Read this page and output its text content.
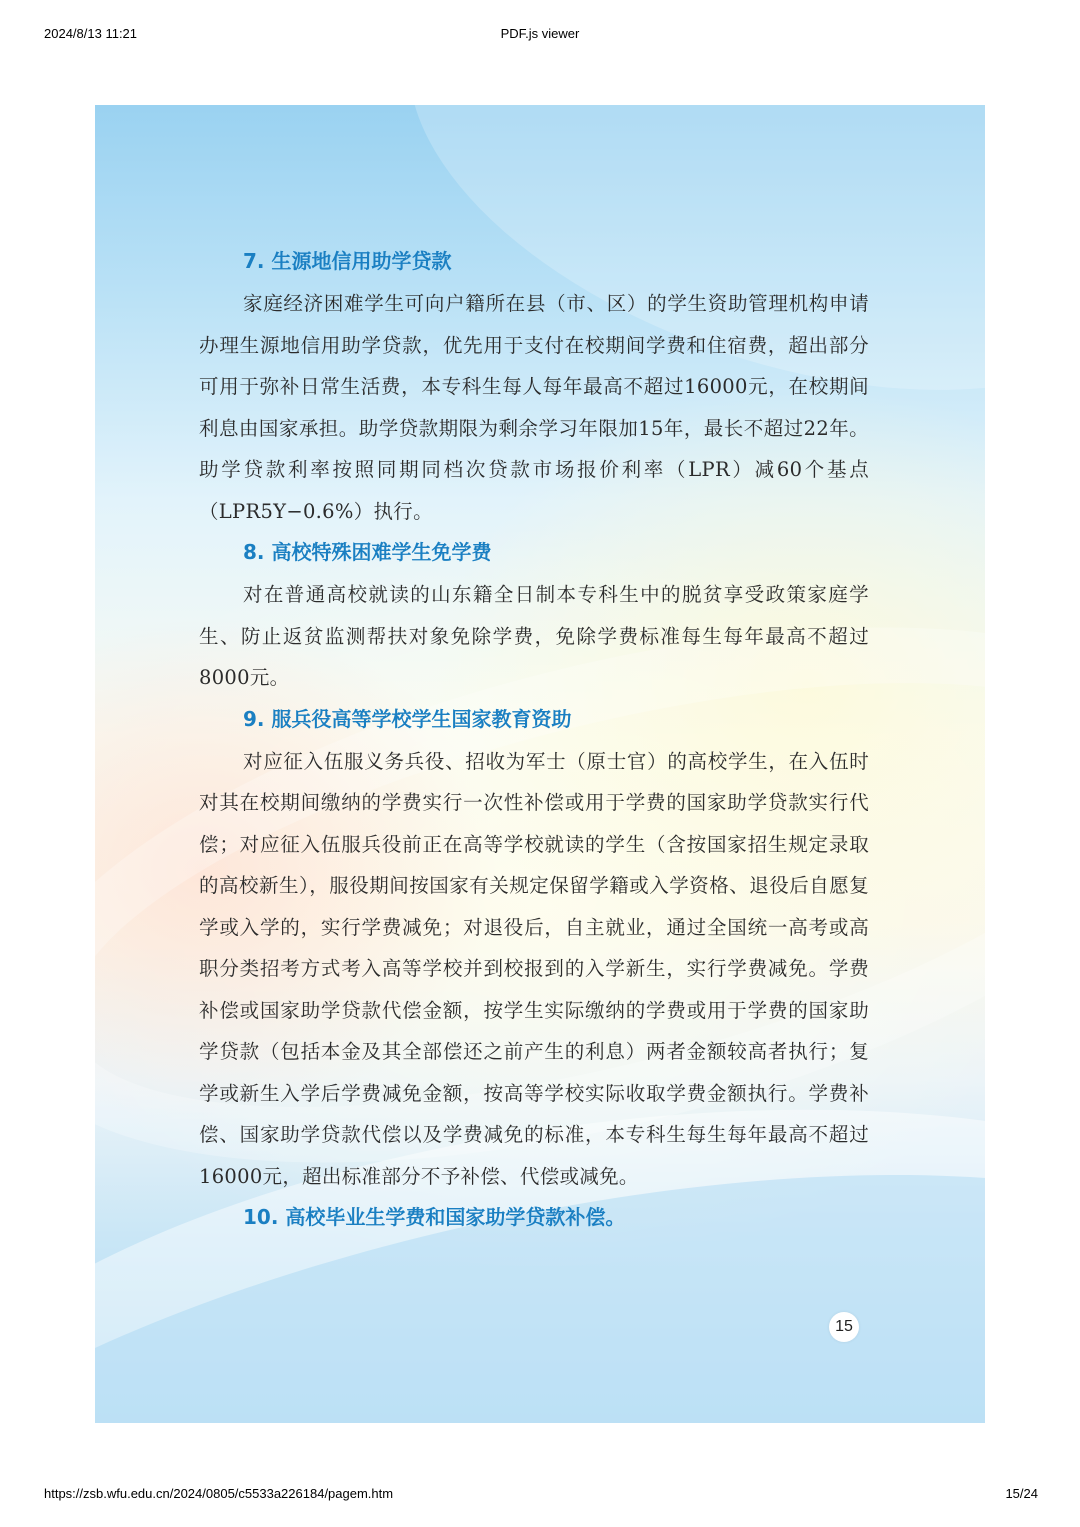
2024/8/13 11:21	PDF.js viewer
7. 生源地信用助学贷款

家庭经济困难学生可向户籍所在县（市、区）的学生资助管理机构申请办理生源地信用助学贷款，优先用于支付在校期间学费和住宿费，超出部分可用于弥补日常生活费，本专科生每人每年最高不超过16000元，在校期间利息由国家承担。助学贷款期限为剩余学习年限加15年，最长不超过22年。助学贷款利率按照同期同档次贷款市场报价利率（LPR）减60个基点（LPR5Y−0.6%）执行。

8. 高校特殊困难学生免学费

对在普通高校就读的山东籍全日制本专科生中的脱贫享受政策家庭学生、防止返贫监测帮扶对象免除学费，免除学费标准每生每年最高不超过8000元。

9. 服兵役高等学校学生国家教育资助

对应征入伍服义务兵役、招收为军士（原士官）的高校学生，在入伍时对其在校期间缴纳的学费实行一次性补偿或用于学费的国家助学贷款实行代偿；对应征入伍服兵役前正在高等学校就读的学生（含按国家招生规定录取的高校新生），服役期间按国家有关规定保留学籍或入学资格、退役后自愿复学或入学的，实行学费减免；对退役后，自主就业，通过全国统一高考或高职分类招考方式考入高等学校并到校报到的入学新生，实行学费减免。学费补偿或国家助学贷款代偿金额，按学生实际缴纳的学费或用于学费的国家助学贷款（包括本金及其全部偿还之前产生的利息）两者金额较高者执行；复学或新生入学后学费减免金额，按高等学校实际收取学费金额执行。学费补偿、国家助学贷款代偿以及学费减免的标准，本专科生每生每年最高不超过16000元，超出标准部分不予补偿、代偿或减免。

10. 高校毕业生学费和国家助学贷款补偿。
15
https://zsb.wfu.edu.cn/2024/0805/c5533a226184/pagem.htm	15/24
